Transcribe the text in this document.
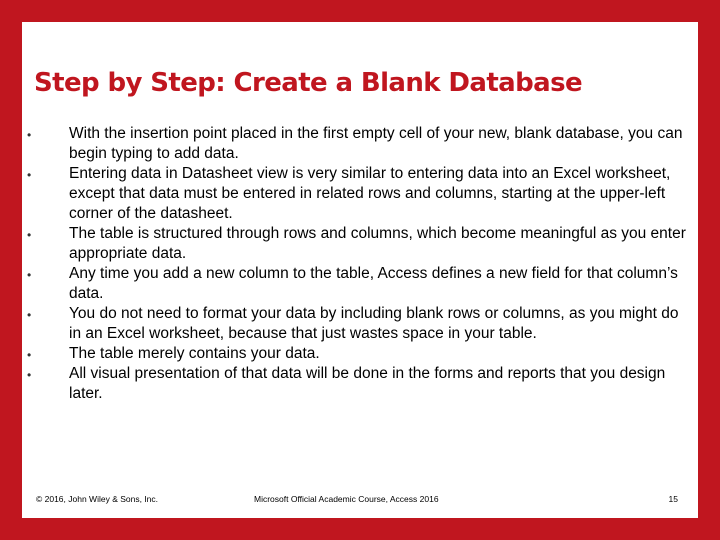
Step by Step: Create a Blank Database
• With the insertion point placed in the first empty cell of your new, blank database, you can begin typing to add data.
• Entering data in Datasheet view is very similar to entering data into an Excel worksheet, except that data must be entered in related rows and columns, starting at the upper-left corner of the datasheet.
• The table is structured through rows and columns, which become meaningful as you enter appropriate data.
• Any time you add a new column to the table, Access defines a new field for that column’s data.
• You do not need to format your data by including blank rows or columns, as you might do in an Excel worksheet, because that just wastes space in your table.
• The table merely contains your data.
• All visual presentation of that data will be done in the forms and reports that you design later.
© 2016, John Wiley & Sons, Inc.	Microsoft Official Academic Course, Access 2016	15
